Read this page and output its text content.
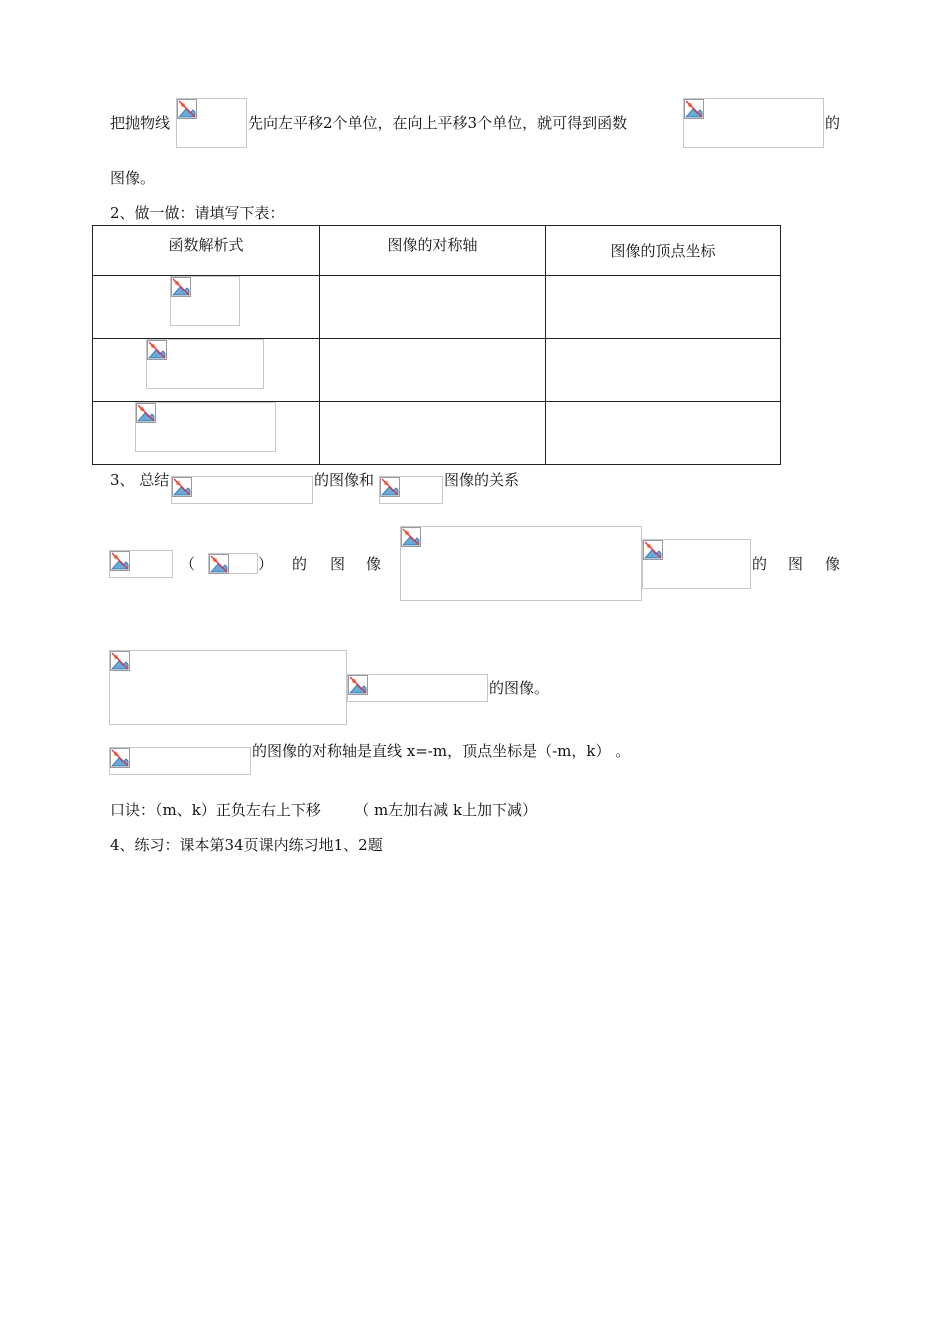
把抛物线	先向左平移2个单位，在向上平移3个单位，就可得到函数	的
图像。
2、做一做：请填写下表：
函数解析式	图像的对称轴	图像的顶点坐标

3、 总结	的图像和	图像的关系
（	） 的 图 像	的 图 像
的图像。
的图像的对称轴是直线 x=-m，顶点坐标是（-m，k） 。
口诀：（m、k）正负左右上下移       （ m左加右减 k上加下减）
4、练习：课本第34页课内练习地1、2题
